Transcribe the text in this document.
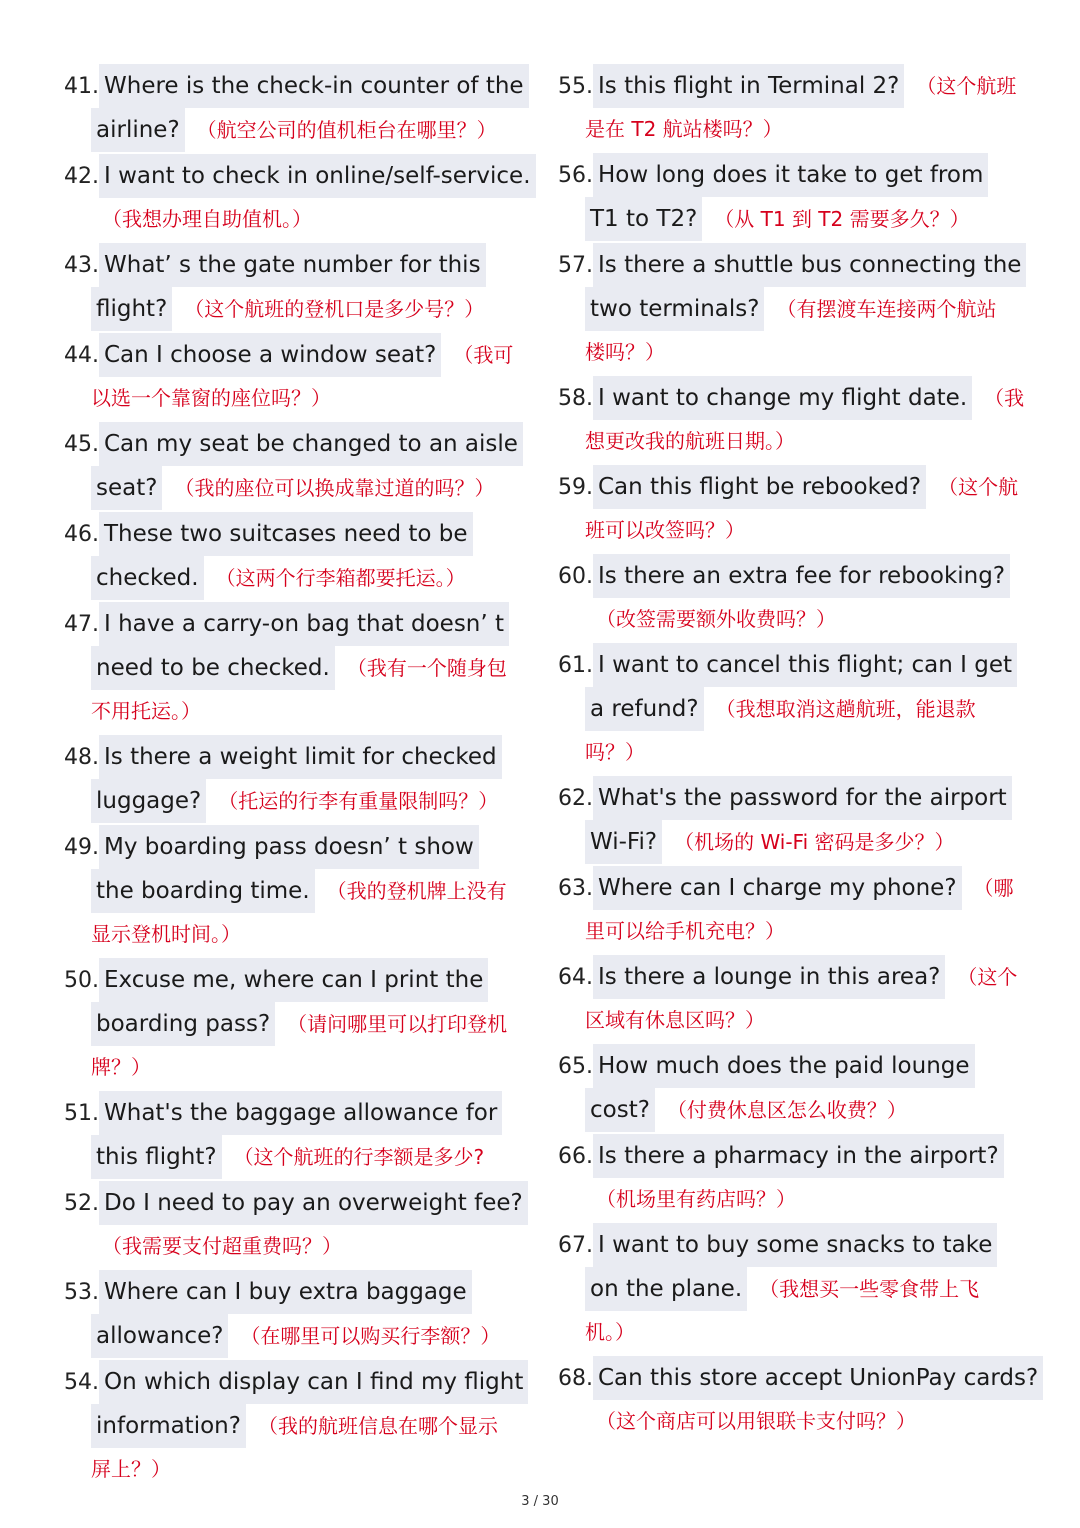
41. Where is the check-in counter of the
airline? （航空公司的值机柜台在哪里？）
42. I want to check in online/self-service.
（我想办理自助值机。）
43. What’ s the gate number for this
flight? （这个航班的登机口是多少号？）
44. Can I choose a window seat? （我可
以选一个靠窗的座位吗？）
45. Can my seat be changed to an aisle
seat? （我的座位可以换成靠过道的吗？）
46. These two suitcases need to be
checked. （这两个行李箱都要托运。）
47. I have a carry-on bag that doesn’ t
need to be checked. （我有一个随身包
不用托运。）
48. Is there a weight limit for checked
luggage? （托运的行李有重量限制吗？）
49. My boarding pass doesn’ t show
the boarding time. （我的登机牌上没有
显示登机时间。）
50. Excuse me, where can I print the
boarding pass? （请问哪里可以打印登机
牌？）
51. What's the baggage allowance for
this flight? （这个航班的行李额是多少?
52. Do I need to pay an overweight fee?
（我需要支付超重费吗？）
53. Where can I buy extra baggage
allowance? （在哪里可以购买行李额？）
54. On which display can I find my flight
information? （我的航班信息在哪个显示
屏上？）
55. Is this flight in Terminal 2? （这个航班
是在 T2 航站楼吗？）
56. How long does it take to get from
T1 to T2? （从 T1 到 T2 需要多久？）
57. Is there a shuttle bus connecting the
two terminals? （有摆渡车连接两个航站
楼吗？）
58. I want to change my flight date. （我
想更改我的航班日期。）
59. Can this flight be rebooked? （这个航
班可以改签吗？）
60. Is there an extra fee for rebooking?
（改签需要额外收费吗？）
61. I want to cancel this flight; can I get
a refund? （我想取消这趟航班，能退款
吗？）
62. What's the password for the airport
Wi-Fi? （机场的 Wi-Fi 密码是多少？）
63. Where can I charge my phone? （哪
里可以给手机充电？）
64. Is there a lounge in this area? （这个
区域有休息区吗？）
65. How much does the paid lounge
cost? （付费休息区怎么收费？）
66. Is there a pharmacy in the airport?
（机场里有药店吗？）
67. I want to buy some snacks to take
on the plane. （我想买一些零食带上飞
机。）
68. Can this store accept UnionPay cards?
（这个商店可以用银联卡支付吗？）
3 / 30
